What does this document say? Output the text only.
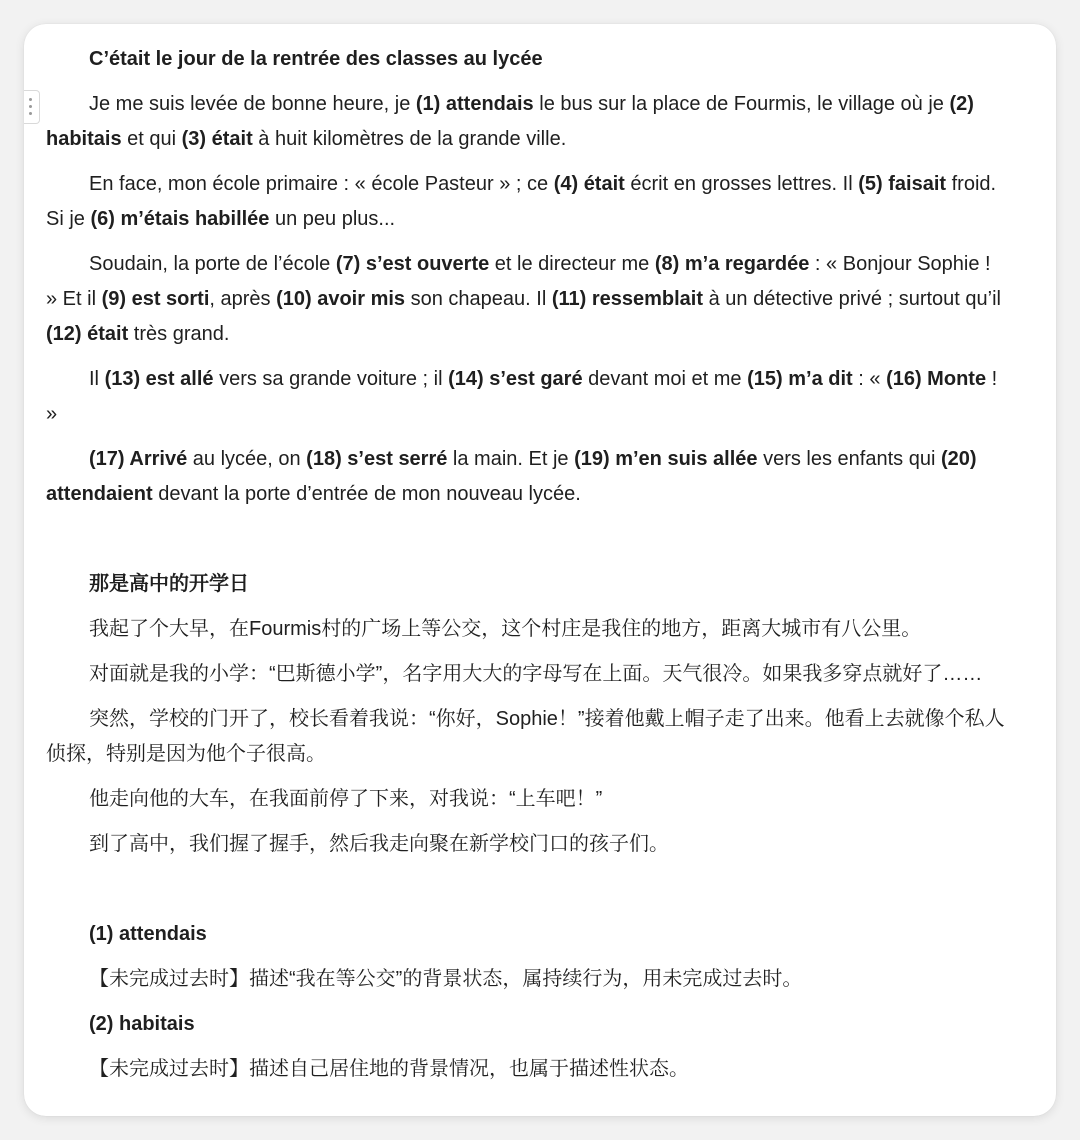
C’était le jour de la rentrée des classes au lycée

Je me suis levée de bonne heure, je (1) attendais le bus sur la place de Fourmis, le village où je (2) habitais et qui (3) était à huit kilomètres de la grande ville.

En face, mon école primaire : « école Pasteur » ; ce (4) était écrit en grosses lettres. Il (5) faisait froid. Si je (6) m’étais habillée un peu plus...

Soudain, la porte de l’école (7) s’est ouverte et le directeur me (8) m’a regardée : « Bonjour Sophie ! » Et il (9) est sorti, après (10) avoir mis son chapeau. Il (11) ressemblait à un détective privé ; surtout qu’il (12) était très grand.

Il (13) est allé vers sa grande voiture ; il (14) s’est garé devant moi et me (15) m’a dit : « (16) Monte ! »

(17) Arrivé au lycée, on (18) s’est serré la main. Et je (19) m’en suis allée vers les enfants qui (20) attendaient devant la porte d’entrée de mon nouveau lycée.

那是高中的开学日

我起了个大早，在Fourmis村的广场上等公交，这个村庄是我住的地方，距离大城市有八公里。

对面就是我的小学：“巴斯德小学”，名字用大大的字母写在上面。天气很冷。如果我多穿点就好了……

突然，学校的门开了，校长看着我说：“你好，Sophie！”接着他戴上帽子走了出来。他看上去就像个私人侦探，特别是因为他个子很高。

他走向他的大车，在我面前停了下来，对我说：“上车吧！”

到了高中，我们握了握手，然后我走向聚在新学校门口的孩子们。

(1) attendais

【未完成过去时】描述“我在等公交”的背景状态，属持续行为，用未完成过去时。

(2) habitais

【未完成过去时】描述自己居住地的背景情况，也属于描述性状态。
